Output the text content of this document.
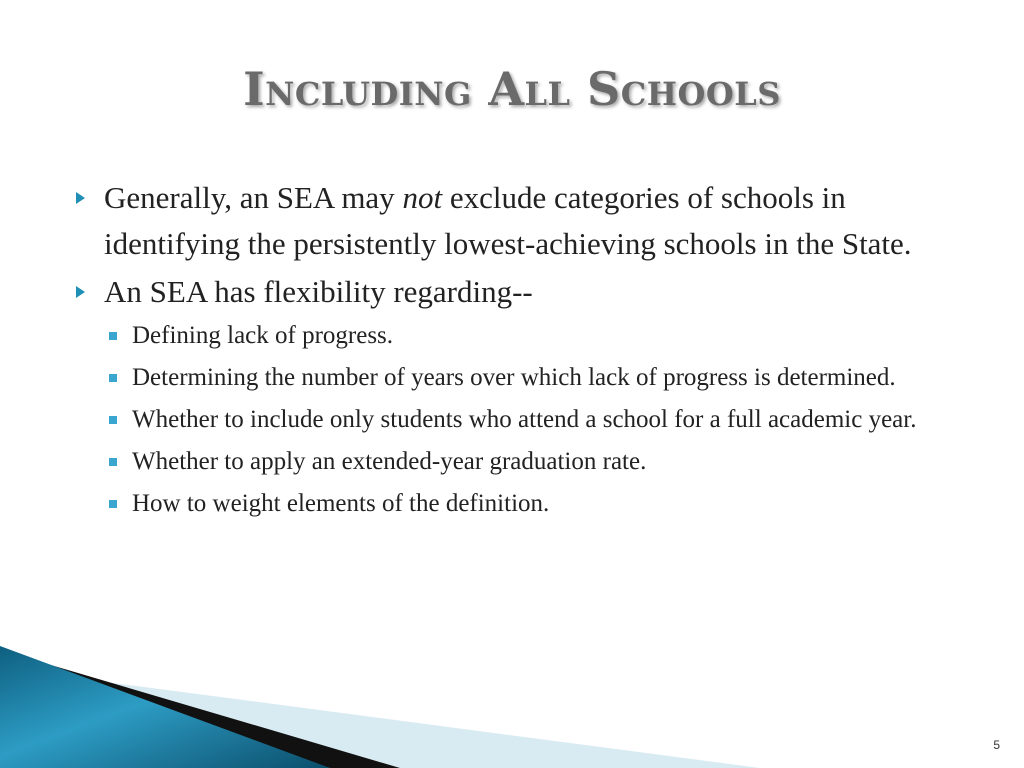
Including All Schools
Generally, an SEA may not exclude categories of schools in identifying the persistently lowest-achieving schools in the State.
An SEA has flexibility regarding--
Defining lack of progress.
Determining the number of years over which lack of progress is determined.
Whether to include only students who attend a school for a full academic year.
Whether to apply an extended-year graduation rate.
How to weight elements of the definition.
5
